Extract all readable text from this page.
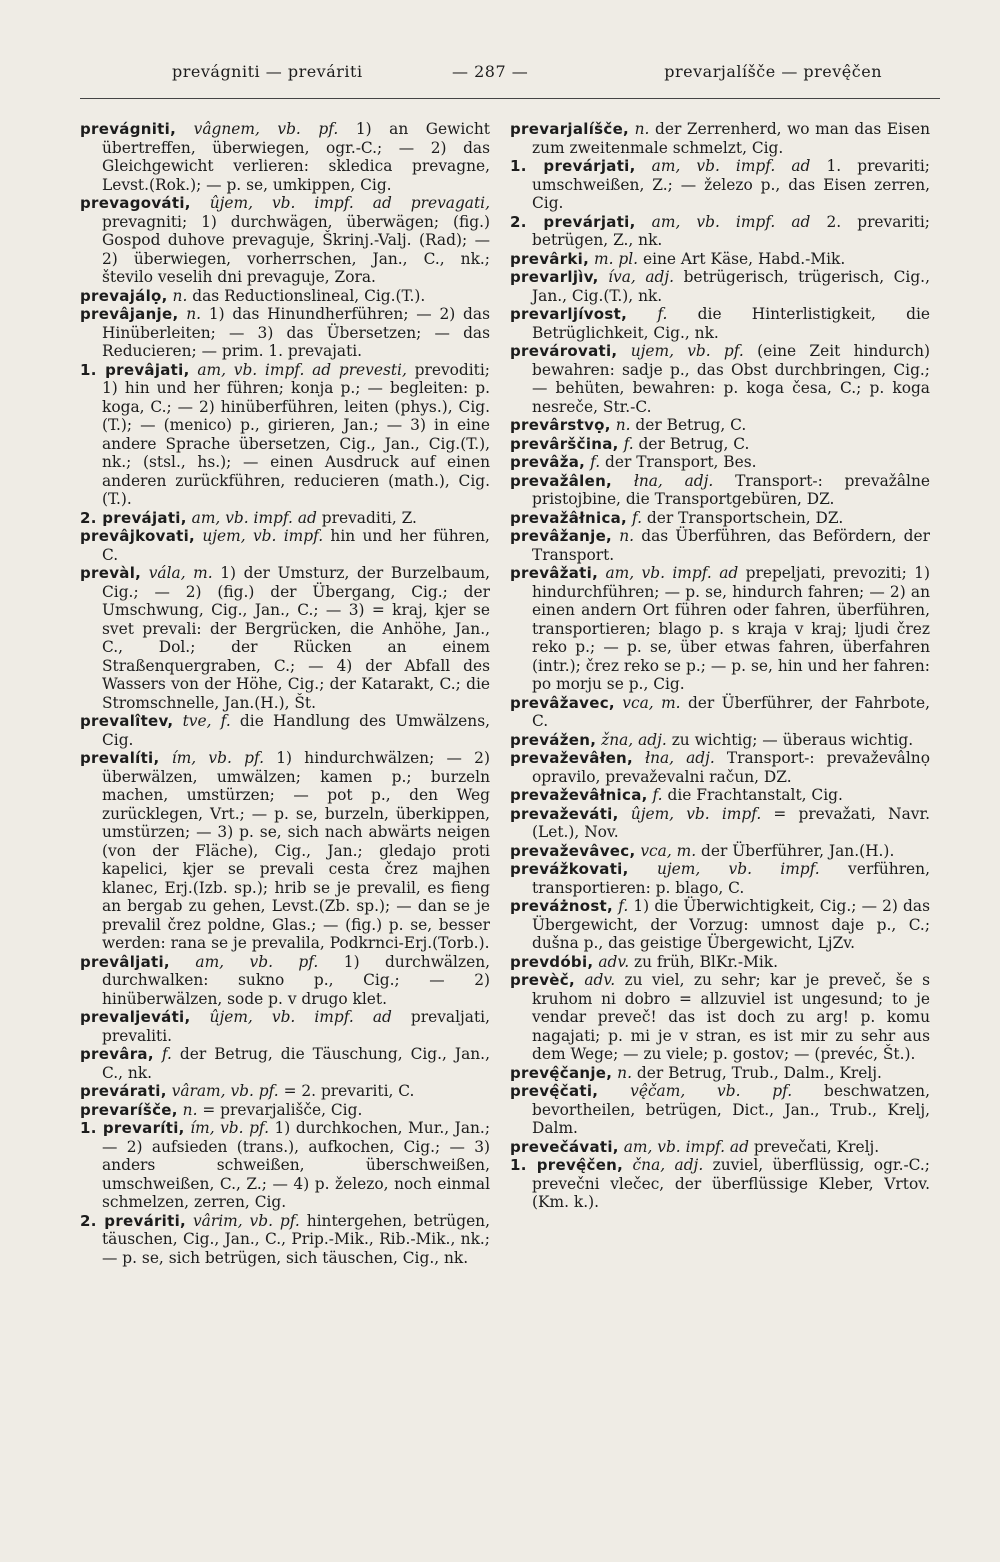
prevágniti — preváriti	— 287 —	prevarjalíšče — prevę̂čen
prevágniti, vâgnem, vb. pf. 1) an Gewicht übertreffen, überwiegen, ogr.-C.; — 2) das Gleichgewicht verlieren: skledica prevagne, Levst.(Rok.); — p. se, umkippen, Cig.
prevagováti, ûjem, vb. impf. ad prevagati, prevagniti; 1) durchwägen, überwägen; (fig.) Gospod duhove prevaguje, Škrinj.-Valj. (Rad); — 2) überwiegen, vorherrschen, Jan., C., nk.; število veselih dni prevaguje, Zora.
prevajálọ, n. das Reductionslineal, Cig.(T.).
prevâjanje, n. 1) das Hinundherführen; — 2) das Hinüberleiten; — 3) das Übersetzen; — das Reducieren; — prim. 1. prevajati.
1. prevâjati, am, vb. impf. ad prevesti, prevoditi; 1) hin und her führen; konja p.; — begleiten: p. koga, C.; — 2) hinüberführen, leiten (phys.), Cig.(T.); — (menico) p., girieren, Jan.; — 3) in eine andere Sprache übersetzen, Cig., Jan., Cig.(T.), nk.; (stsl., hs.); — einen Ausdruck auf einen anderen zurückführen, reducieren (math.), Cig.(T.).
2. prevájati, am, vb. impf. ad prevaditi, Z.
prevâjkovati, ujem, vb. impf. hin und her führen, C.
prevàl, vála, m. 1) der Umsturz, der Burzelbaum, Cig.; — 2) (fig.) der Übergang, Cig.; der Umschwung, Cig., Jan., C.; — 3) = kraj, kjer se svet prevali: der Bergrücken, die Anhöhe, Jan., C., Dol.; der Rücken an einem Straßenquergraben, C.; — 4) der Abfall des Wassers von der Höhe, Cig.; der Katarakt, C.; die Stromschnelle, Jan.(H.), Št.
prevalîtev, tve, f. die Handlung des Umwälzens, Cig.
prevalíti, ím, vb. pf. 1) hindurchwälzen; — 2) überwälzen, umwälzen; kamen p.; burzeln machen, umstürzen; — pot p., den Weg zurücklegen, Vrt.; — p. se, burzeln, überkippen, umstürzen; — 3) p. se, sich nach abwärts neigen (von der Fläche), Cig., Jan.; gledajo proti kapelici, kjer se prevali cesta črez majhen klanec, Erj.(Izb. sp.); hrib se je prevalil, es fieng an bergab zu gehen, Levst.(Zb. sp.); — dan se je prevalil črez poldne, Glas.; — (fig.) p. se, besser werden: rana se je prevalila, Podkrnci-Erj.(Torb.).
prevâljati, am, vb. pf. 1) durchwälzen, durchwalken: sukno p., Cig.; — 2) hinüberwälzen, sode p. v drugo klet.
prevaljeváti, ûjem, vb. impf. ad prevaljati, prevaliti.
prevâra, f. der Betrug, die Täuschung, Cig., Jan., C., nk.
prevárati, vâram, vb. pf. = 2. prevariti, C.
prevaríšče, n. = prevarjališče, Cig.
1. prevaríti, ím, vb. pf. 1) durchkochen, Mur., Jan.; — 2) aufsieden (trans.), aufkochen, Cig.; — 3) anders schweißen, überschweißen, umschweißen, C., Z.; — 4) p. železo, noch einmal schmelzen, zerren, Cig.
2. preváriti, vârim, vb. pf. hintergehen, betrügen, täuschen, Cig., Jan., C., Prip.-Mik., Rib.-Mik., nk.; — p. se, sich betrügen, sich täuschen, Cig., nk.
prevarjalíšče, n. der Zerrenherd, wo man das Eisen zum zweitenmale schmelzt, Cig.
1. prevárjati, am, vb. impf. ad 1. prevariti; umschweißen, Z.; — železo p., das Eisen zerren, Cig.
2. prevárjati, am, vb. impf. ad 2. prevariti; betrügen, Z., nk.
prevârki, m. pl. eine Art Käse, Habd.-Mik.
prevarljìv, íva, adj. betrügerisch, trügerisch, Cig., Jan., Cig.(T.), nk.
prevarljívost, f. die Hinterlistigkeit, die Betrüglichkeit, Cig., nk.
prevárovati, ujem, vb. pf. (eine Zeit hindurch) bewahren: sadje p., das Obst durchbringen, Cig.; — behüten, bewahren: p. koga česa, C.; p. koga nesreče, Str.-C.
prevârstvọ, n. der Betrug, C.
prevârščina, f. der Betrug, C.
prevâža, f. der Transport, Bes.
prevažâlen, łna, adj. Transport-: prevažâlne pristojbine, die Transportgebüren, DZ.
prevažâłnica, f. der Transportschein, DZ.
prevâžanje, n. das Überführen, das Befördern, der Transport.
prevâžati, am, vb. impf. ad prepeljati, prevoziti; 1) hindurchführen; — p. se, hindurch fahren; — 2) an einen andern Ort führen oder fahren, überführen, transportieren; blago p. s kraja v kraj; ljudi črez reko p.; — p. se, über etwas fahren, überfahren (intr.); črez reko se p.; — p. se, hin und her fahren: po morju se p., Cig.
prevâžavec, vca, m. der Überführer, der Fahrbote, C.
prevážen, žna, adj. zu wichtig; — überaus wichtig.
prevaževâłen, łna, adj. Transport-: prevaževâlnọ opravilo, prevaževalni račun, DZ.
prevaževâłnica, f. die Frachtanstalt, Cig.
prevaževáti, ûjem, vb. impf. = prevažati, Navr.(Let.), Nov.
prevaževâvec, vca, m. der Überführer, Jan.(H.).
prevážkovati, ujem, vb. impf. verführen, transportieren: p. blago, C.
preváżnost, f. 1) die Überwichtigkeit, Cig.; — 2) das Übergewicht, der Vorzug: umnost daje p., C.; dušna p., das geistige Übergewicht, LjZv.
prevdóbi, adv. zu früh, BlKr.-Mik.
prevèč, adv. zu viel, zu sehr; kar je preveč, še s kruhom ni dobro = allzuviel ist ungesund; to je vendar preveč! das ist doch zu arg! p. komu nagajati; p. mi je v stran, es ist mir zu sehr aus dem Wege; — zu viele; p. gostov; — (prevéc, Št.).
prevę̂čanje, n. der Betrug, Trub., Dalm., Krelj.
prevę̂čati, vę̂čam, vb. pf. beschwatzen, bevortheilen, betrügen, Dict., Jan., Trub., Krelj, Dalm.
prevečávati, am, vb. impf. ad prevečati, Krelj.
1. prevę̂čen, čna, adj. zuviel, überflüssig, ogr.-C.; prevečni vlečec, der überflüssige Kleber, Vrtov.(Km. k.).
